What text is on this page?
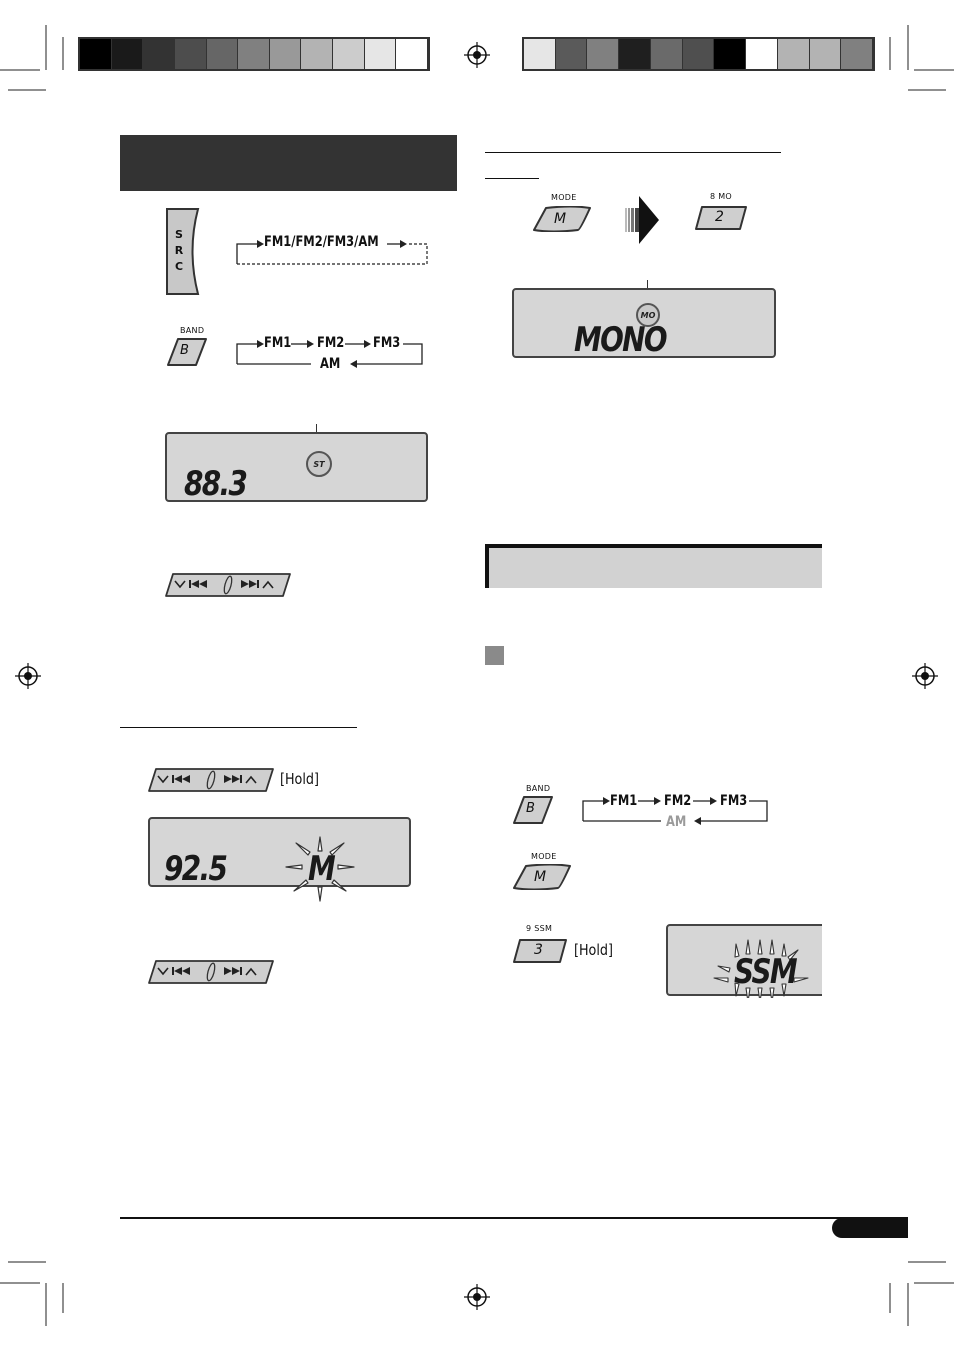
SRC
FM1/FM2/FM3/AM
BAND
B	FM1 FM2 FM3
AM
ST
88.3
[Hold]
M
92.5
MODE
M
8 MO
2
MO
MONO
BAND
B	FM1 FM2 FM3
AM
MODE
M
9 SSM
3 [Hold]
SSM
